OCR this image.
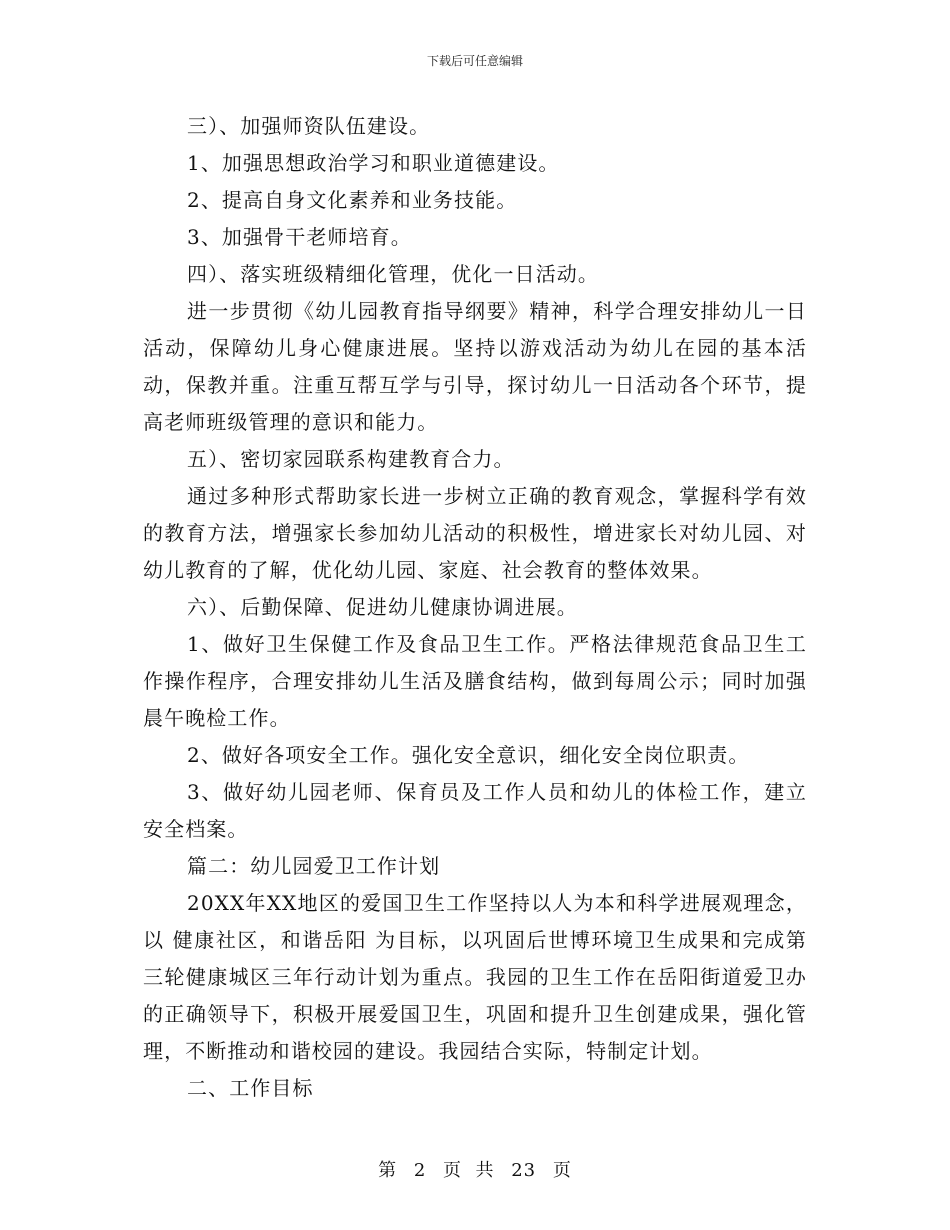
下载后可任意编辑

三）、加强师资队伍建设。

1、加强思想政治学习和职业道德建设。

2、提高自身文化素养和业务技能。

3、加强骨干老师培育。

四）、落实班级精细化管理，优化一日活动。

进一步贯彻《幼儿园教育指导纲要》精神，科学合理安排幼儿一日活动，保障幼儿身心健康进展。坚持以游戏活动为幼儿在园的基本活动，保教并重。注重互帮互学与引导，探讨幼儿一日活动各个环节，提高老师班级管理的意识和能力。

五）、密切家园联系构建教育合力。

通过多种形式帮助家长进一步树立正确的教育观念，掌握科学有效的教育方法，增强家长参加幼儿活动的积极性，增进家长对幼儿园、对幼儿教育的了解，优化幼儿园、家庭、社会教育的整体效果。

六）、后勤保障、促进幼儿健康协调进展。

1、做好卫生保健工作及食品卫生工作。严格法律规范食品卫生工作操作程序，合理安排幼儿生活及膳食结构，做到每周公示；同时加强晨午晚检工作。

2、做好各项安全工作。强化安全意识，细化安全岗位职责。

3、做好幼儿园老师、保育员及工作人员和幼儿的体检工作，建立安全档案。

篇二：幼儿园爱卫工作计划

20XX年XX地区的爱国卫生工作坚持以人为本和科学进展观理念，以 健康社区，和谐岳阳 为目标，以巩固后世博环境卫生成果和完成第三轮健康城区三年行动计划为重点。我园的卫生工作在岳阳街道爱卫办的正确领导下，积极开展爱国卫生，巩固和提升卫生创建成果，强化管理，不断推动和谐校园的建设。我园结合实际，特制定计划。

二、工作目标

第 2 页  共 23 页
